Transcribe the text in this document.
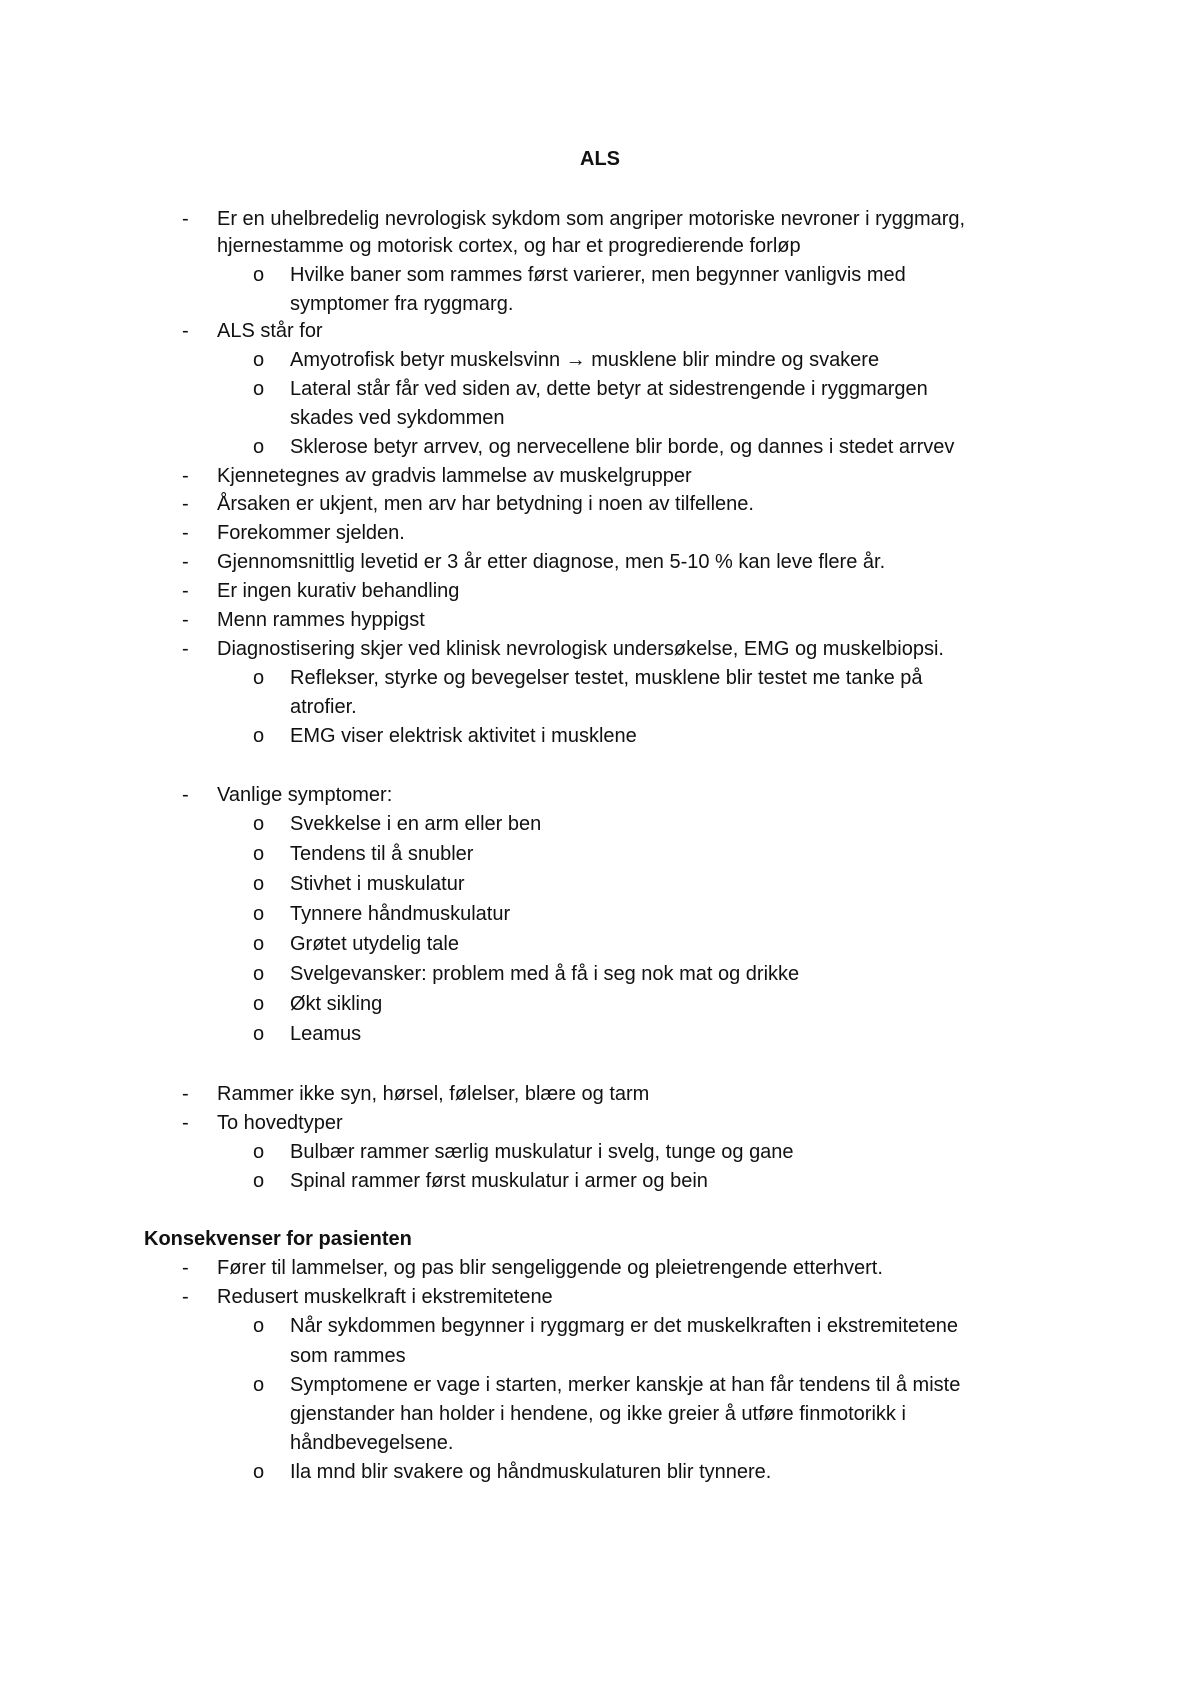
ALS
- Er en uhelbredelig nevrologisk sykdom som angriper motoriske nevroner i ryggmarg,
hjernestamme og motorisk cortex, og har et progredierende forløp
o Hvilke baner som rammes først varierer, men begynner vanligvis med
symptomer fra ryggmarg.
- ALS står for
o Amyotrofisk betyr muskelsvinn → musklene blir mindre og svakere
o Lateral står får ved siden av, dette betyr at sidestrengende i ryggmargen
skades ved sykdommen
o Sklerose betyr arrvev, og nervecellene blir borde, og dannes i stedet arrvev
- Kjennetegnes av gradvis lammelse av muskelgrupper
- Årsaken er ukjent, men arv har betydning i noen av tilfellene.
- Forekommer sjelden.
- Gjennomsnittlig levetid er 3 år etter diagnose, men 5-10 % kan leve flere år.
- Er ingen kurativ behandling
- Menn rammes hyppigst
- Diagnostisering skjer ved klinisk nevrologisk undersøkelse, EMG og muskelbiopsi.
o Reflekser, styrke og bevegelser testet, musklene blir testet me tanke på
atrofier.
o EMG viser elektrisk aktivitet i musklene
- Vanlige symptomer:
o Svekkelse i en arm eller ben
o Tendens til å snubler
o Stivhet i muskulatur
o Tynnere håndmuskulatur
o Grøtet utydelig tale
o Svelgevansker: problem med å få i seg nok mat og drikke
o Økt sikling
o Leamus
- Rammer ikke syn, hørsel, følelser, blære og tarm
- To hovedtyper
o Bulbær rammer særlig muskulatur i svelg, tunge og gane
o Spinal rammer først muskulatur i armer og bein
Konsekvenser for pasienten
- Fører til lammelser, og pas blir sengeliggende og pleietrengende etterhvert.
- Redusert muskelkraft i ekstremitetene
o Når sykdommen begynner i ryggmarg er det muskelkraften i ekstremitetene
som rammes
o Symptomene er vage i starten, merker kanskje at han får tendens til å miste
gjenstander han holder i hendene, og ikke greier å utføre finmotorikk i
håndbevegelsene.
o Ila mnd blir svakere og håndmuskulaturen blir tynnere.
